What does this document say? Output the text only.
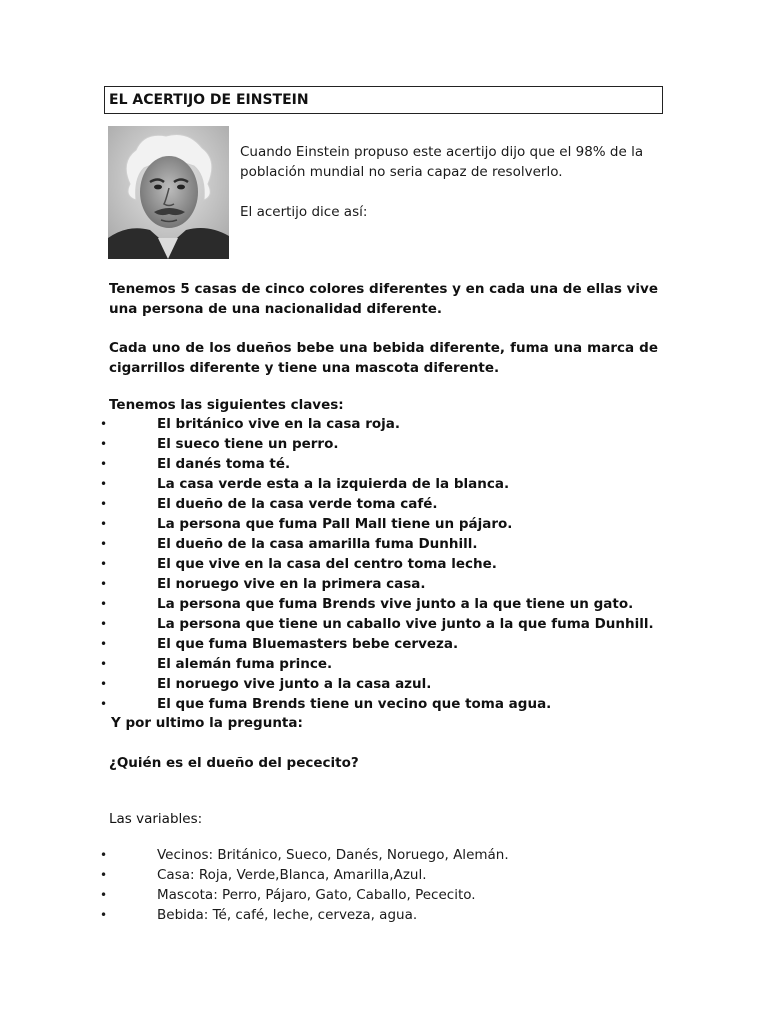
EL ACERTIJO DE EINSTEIN

Cuando Einstein propuso este acertijo dijo que el 98% de la población mundial no seria capaz de resolverlo.

El acertijo dice así:

Tenemos 5 casas de cinco colores diferentes y en cada una de ellas vive una persona de una nacionalidad diferente.

Cada uno de los dueños bebe una bebida diferente, fuma una marca de cigarrillos diferente y tiene una mascota diferente.

Tenemos las siguientes claves:

•	El británico vive en la casa roja.
•	El sueco tiene un perro.
•	El danés toma té.
•	La casa verde esta a la izquierda de la blanca.
•	El dueño de la casa verde toma café.
•	La persona que fuma Pall Mall tiene un pájaro.
•	El dueño de la casa amarilla fuma Dunhill.
•	El que vive en la casa del centro toma leche.
•	El noruego vive en la primera casa.
•	La persona que fuma Brends vive junto a la que tiene un gato.
•	La persona que tiene un caballo vive junto a la que fuma Dunhill.
•	El que fuma Bluemasters bebe cerveza.
•	El alemán fuma prince.
•	El noruego vive junto a la casa azul.
•	El que fuma Brends tiene un vecino que toma agua.

Y por ultimo la pregunta:

¿Quién es el dueño del pececito?

Las variables:

•	Vecinos: Británico, Sueco, Danés, Noruego, Alemán.
•	Casa: Roja, Verde,Blanca, Amarilla,Azul.
•	Mascota: Perro, Pájaro, Gato, Caballo, Pececito.
•	Bebida: Té, café, leche, cerveza, agua.
